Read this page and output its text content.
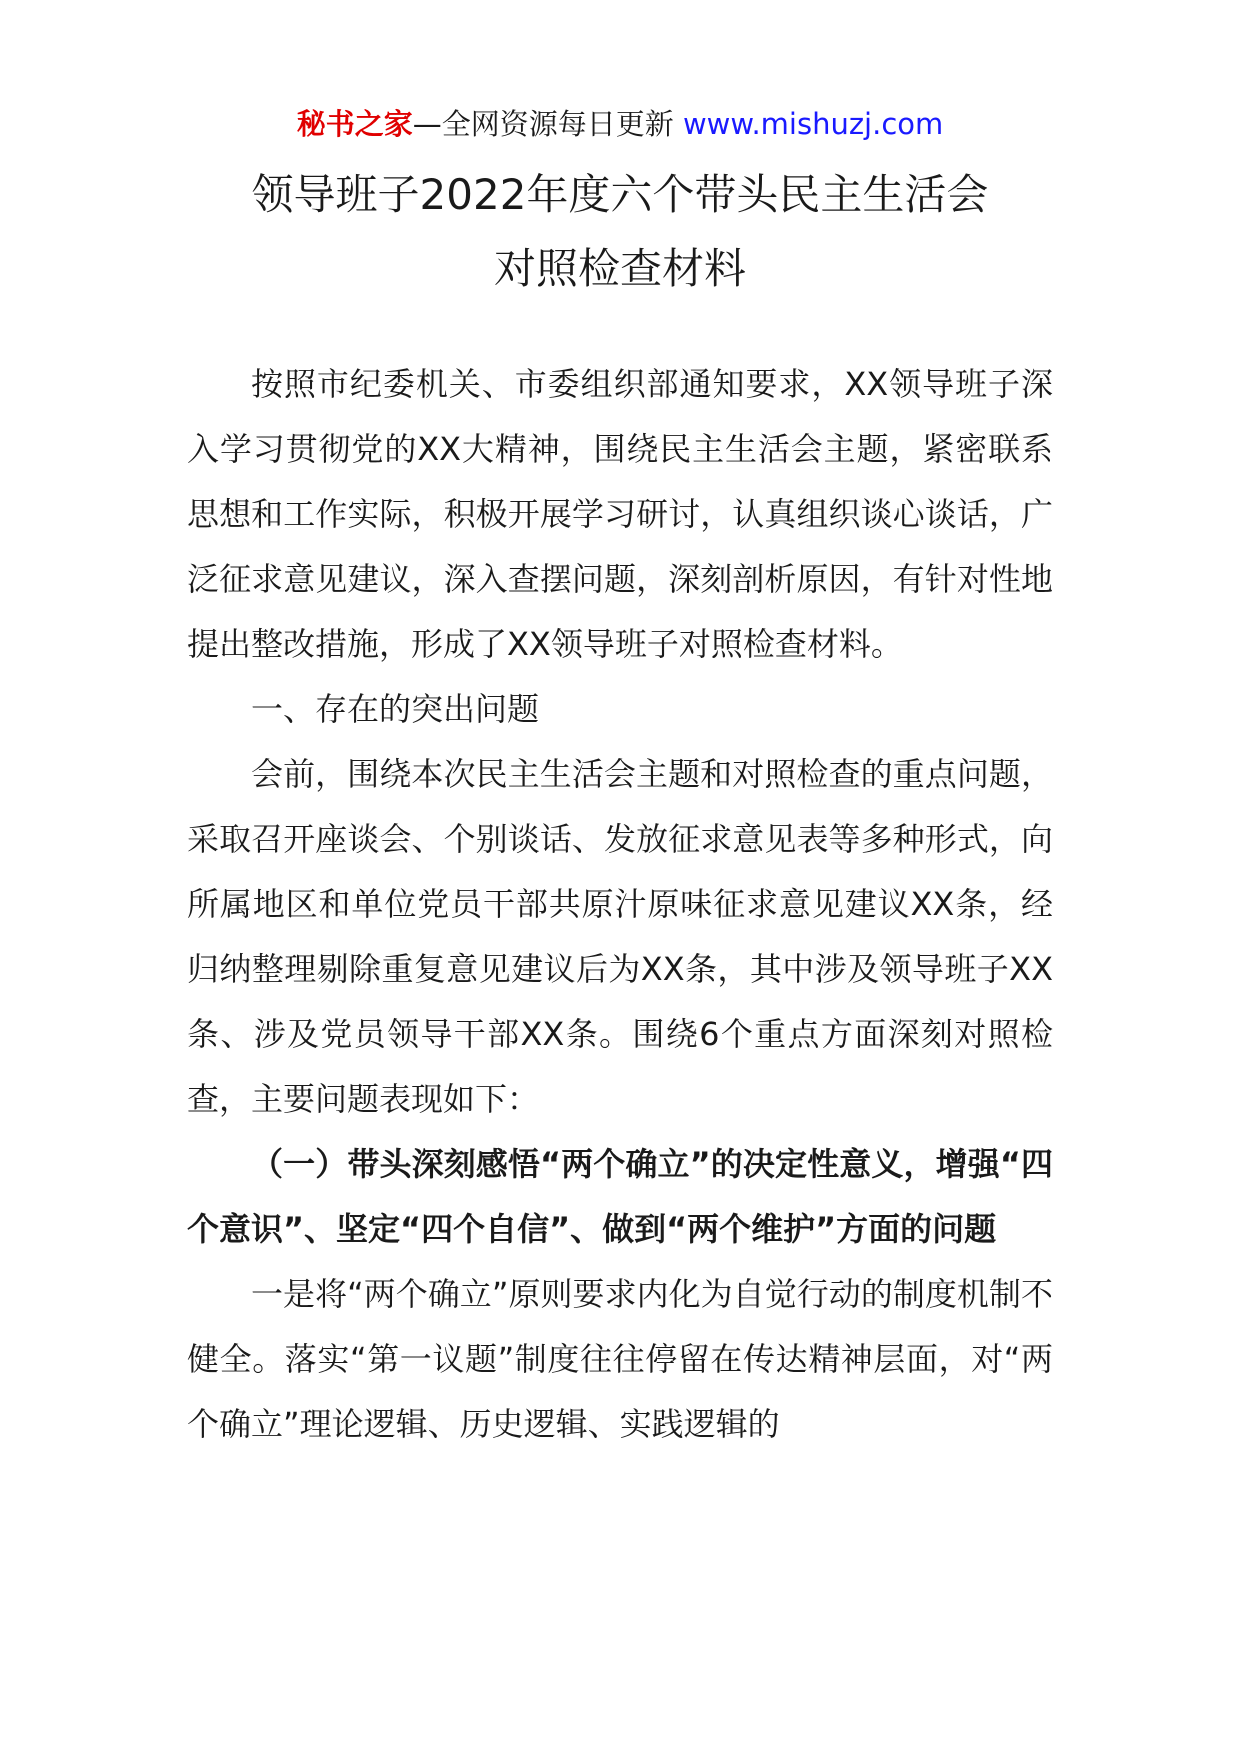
秘书之家—全网资源每日更新 www.mishuzj.com
领导班子2022年度六个带头民主生活会
对照检查材料

按照市纪委机关、市委组织部通知要求，XX领导班子深入学习贯彻党的XX大精神，围绕民主生活会主题，紧密联系思想和工作实际，积极开展学习研讨，认真组织谈心谈话，广泛征求意见建议，深入查摆问题，深刻剖析原因，有针对性地提出整改措施，形成了XX领导班子对照检查材料。

一、存在的突出问题

会前，围绕本次民主生活会主题和对照检查的重点问题，采取召开座谈会、个别谈话、发放征求意见表等多种形式，向所属地区和单位党员干部共原汁原味征求意见建议XX条，经归纳整理剔除重复意见建议后为XX条，其中涉及领导班子XX条、涉及党员领导干部XX条。围绕6个重点方面深刻对照检查，主要问题表现如下：

（一）带头深刻感悟“两个确立”的决定性意义，增强“四个意识”、坚定“四个自信”、做到“两个维护”方面的问题

一是将“两个确立”原则要求内化为自觉行动的制度机制不健全。落实“第一议题”制度往往停留在传达精神层面，对“两个确立”理论逻辑、历史逻辑、实践逻辑的
